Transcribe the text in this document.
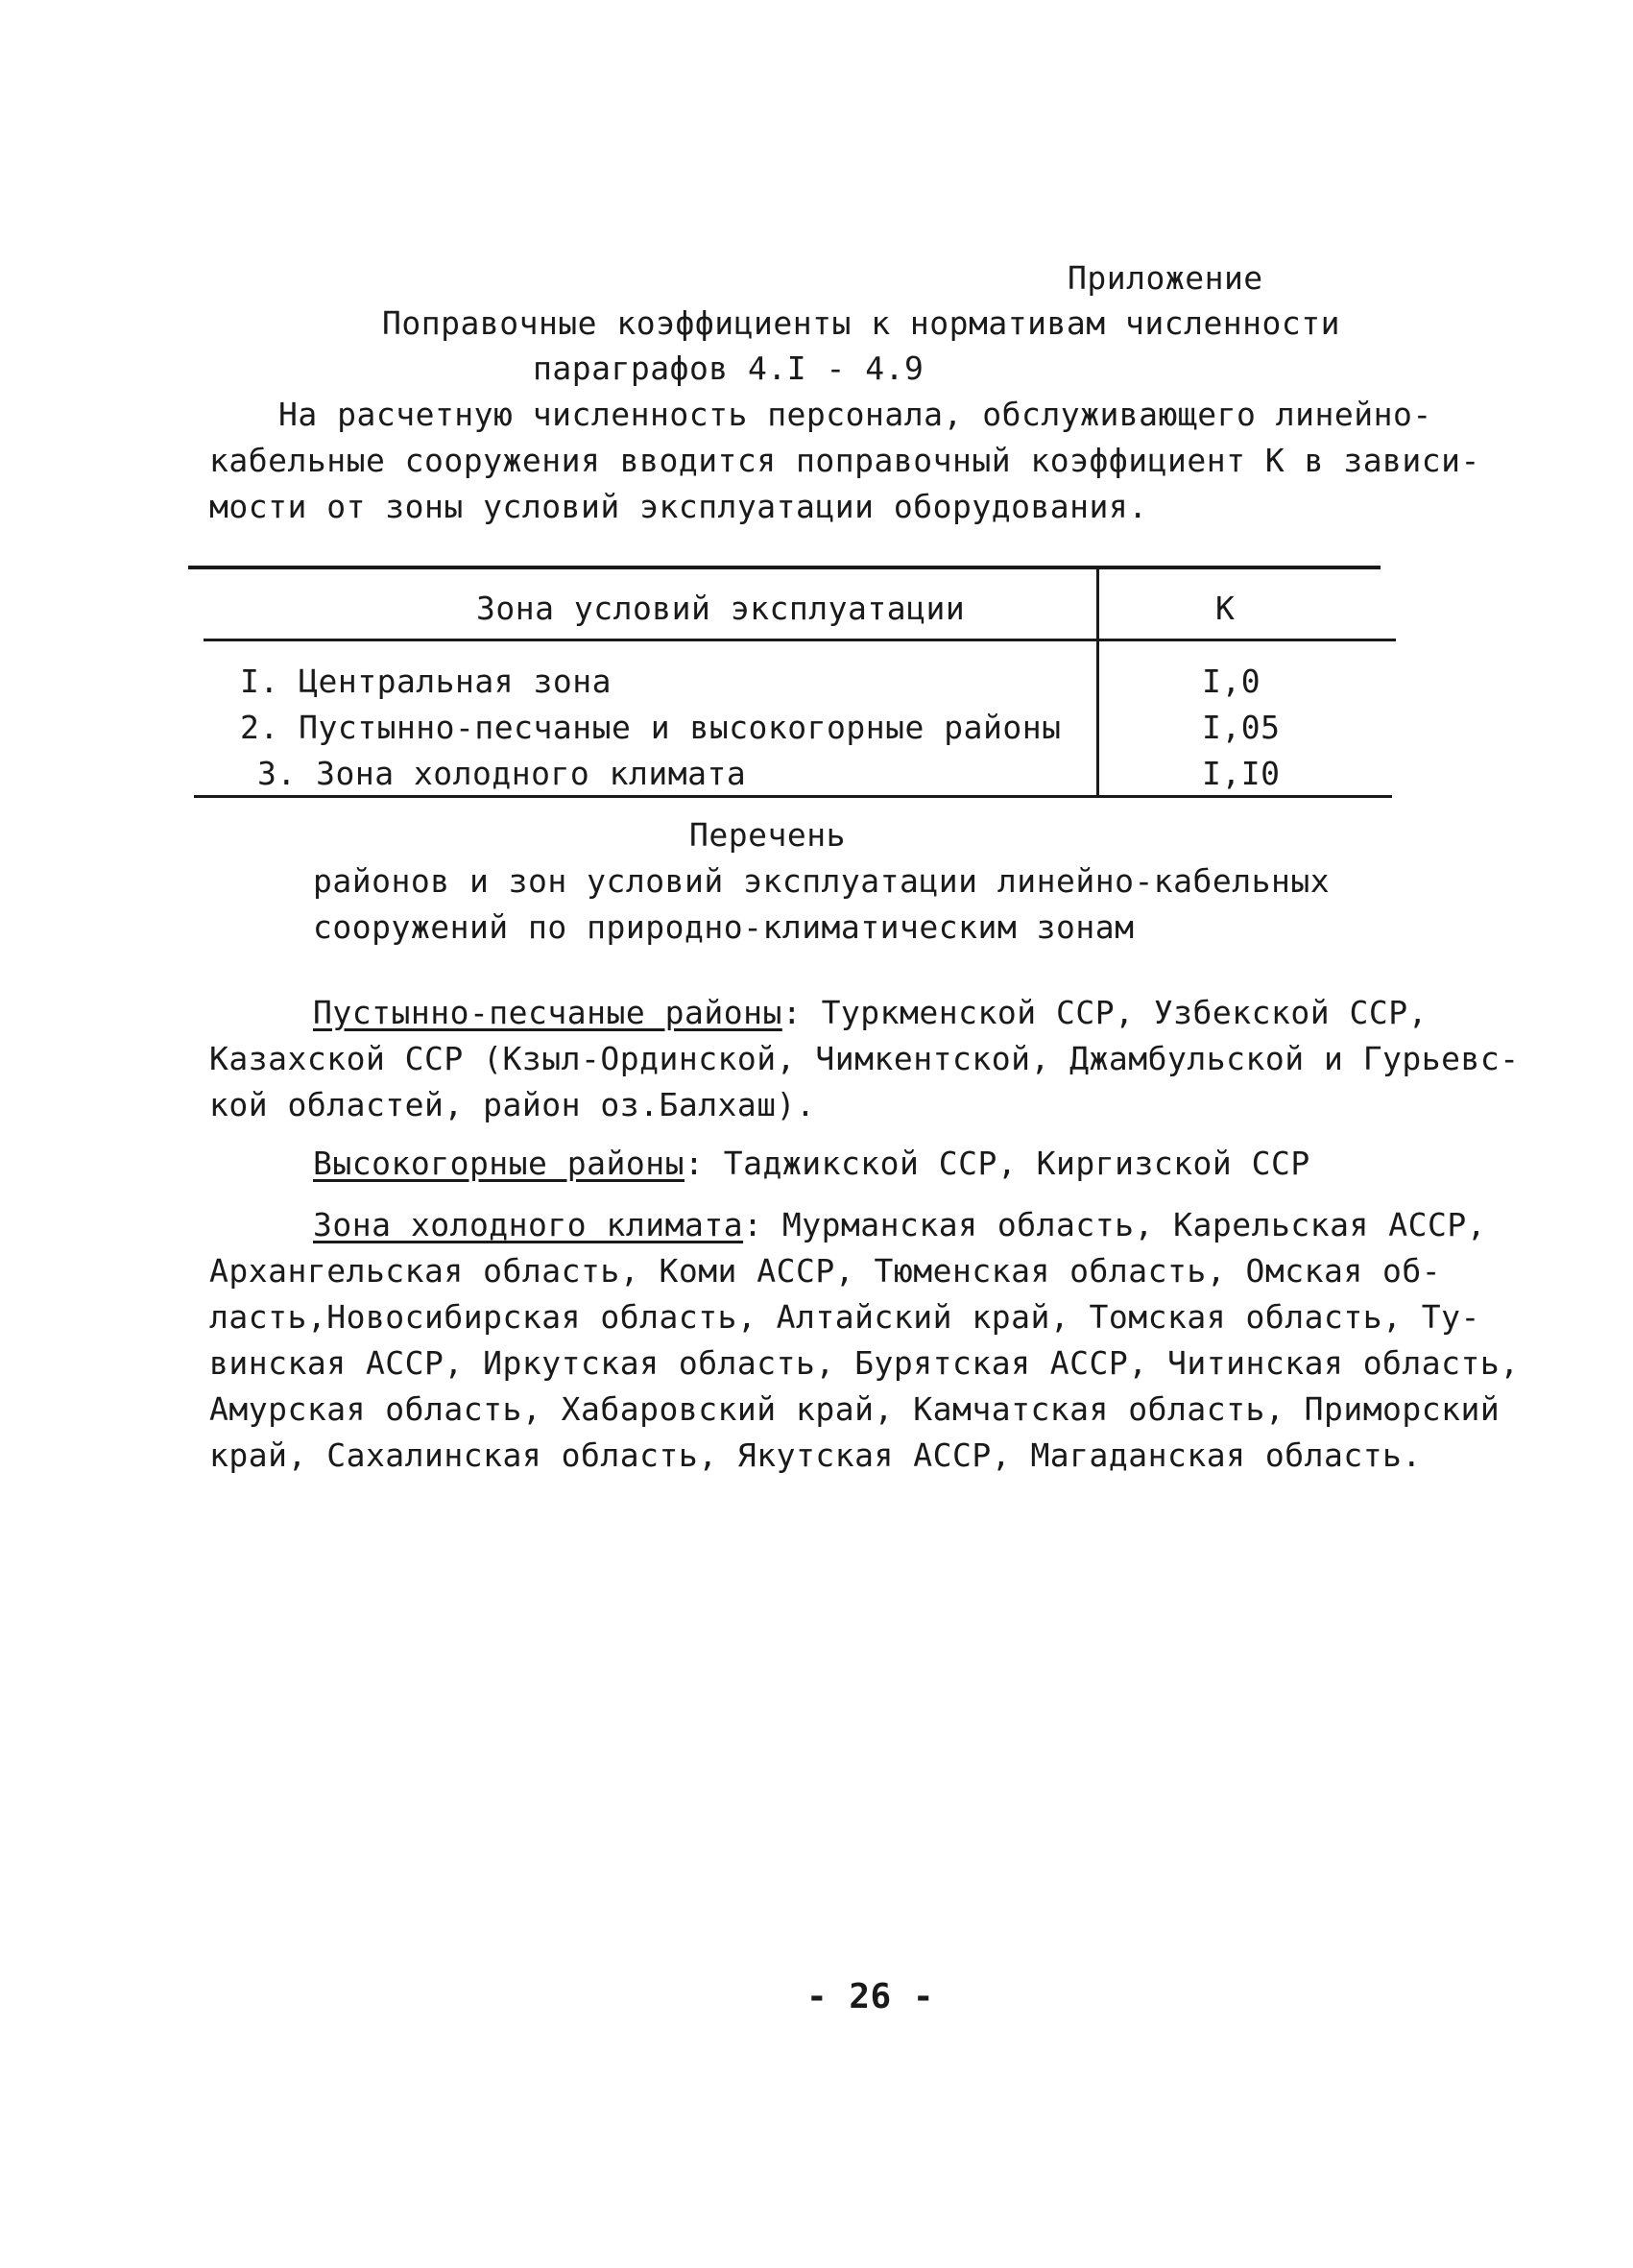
Приложение
Поправочные коэффициенты к нормативам численности
параграфов 4.I - 4.9
На расчетную численность персонала, обслуживающего линейно-
кабельные сооружения вводится поправочный коэффициент К в зависи-
мости от зоны условий эксплуатации оборудования.
Зона условий эксплуатации	К
I. Центральная зона	I,0
2. Пустынно-песчаные и высокогорные районы	I,05
3. Зона холодного климата	I,I0
Перечень
районов и зон условий эксплуатации линейно-кабельных
сооружений по природно-климатическим зонам
Пустынно-песчаные районы: Туркменской ССР, Узбекской ССР,
Казахской ССР (Кзыл-Ординской, Чимкентской, Джамбульской и Гурьевс-
кой областей, район оз.Балхаш).
Высокогорные районы: Таджикской ССР, Киргизской ССР
Зона холодного климата: Мурманская область, Карельская АССР,
Архангельская область, Коми АССР, Тюменская область, Омская об-
ласть,Новосибирская область, Алтайский край, Томская область, Ту-
винская АССР, Иркутская область, Бурятская АССР, Читинская область,
Амурская область, Хабаровский край, Камчатская область, Приморский
край, Сахалинская область, Якутская АССР, Магаданская область.
- 26 -
